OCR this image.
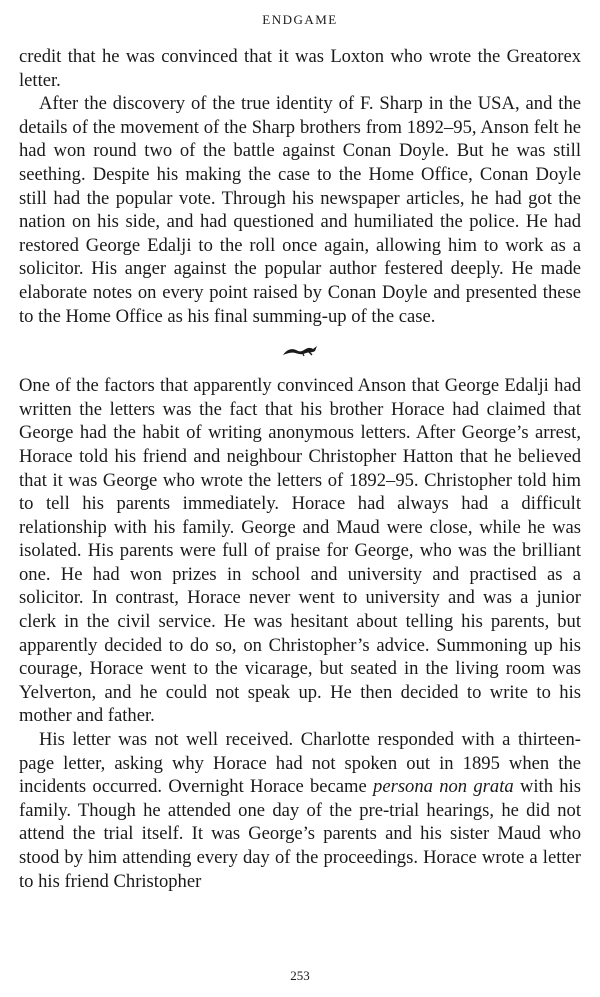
ENDGAME

credit that he was convinced that it was Loxton who wrote the Greatorex letter.

After the discovery of the true identity of F. Sharp in the USA, and the details of the movement of the Sharp brothers from 1892–95, Anson felt he had won round two of the battle against Conan Doyle. But he was still seething. Despite his making the case to the Home Office, Conan Doyle still had the popular vote. Through his newspaper articles, he had got the nation on his side, and had questioned and humiliated the police. He had restored George Edalji to the roll once again, allowing him to work as a solicitor. His anger against the popular author festered deeply. He made elaborate notes on every point raised by Conan Doyle and presented these to the Home Office as his final summing-up of the case.

One of the factors that apparently convinced Anson that George Edalji had written the letters was the fact that his brother Horace had claimed that George had the habit of writing anonymous letters. After George’s arrest, Horace told his friend and neighbour Christopher Hatton that he believed that it was George who wrote the letters of 1892–95. Christopher told him to tell his parents immediately. Horace had always had a difficult relationship with his family. George and Maud were close, while he was isolated. His parents were full of praise for George, who was the brilliant one. He had won prizes in school and university and practised as a solicitor. In contrast, Horace never went to university and was a junior clerk in the civil service. He was hesitant about telling his parents, but apparently decided to do so, on Christopher’s advice. Summoning up his courage, Horace went to the vicarage, but seated in the living room was Yelverton, and he could not speak up. He then decided to write to his mother and father.

His letter was not well received. Charlotte responded with a thirteen-page letter, asking why Horace had not spoken out in 1895 when the incidents occurred. Overnight Horace became persona non grata with his family. Though he attended one day of the pre-trial hearings, he did not attend the trial itself. It was George’s parents and his sister Maud who stood by him attending every day of the proceedings. Horace wrote a letter to his friend Christopher

253
